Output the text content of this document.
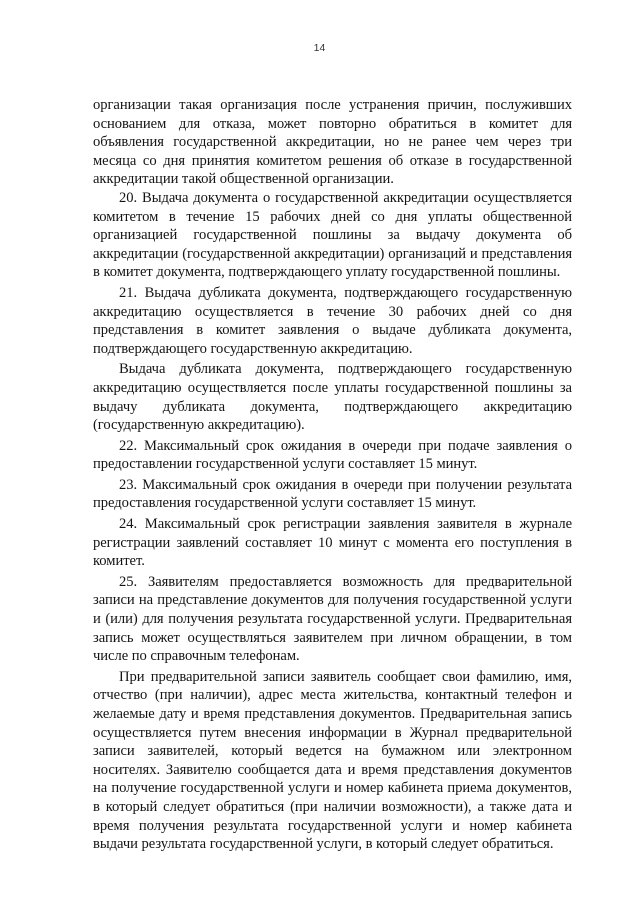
14

организации такая организация после устранения причин, послуживших основанием для отказа, может повторно обратиться в комитет для объявления государственной аккредитации, но не ранее чем через три месяца со дня принятия комитетом решения об отказе в государственной аккредитации такой общественной организации.

20. Выдача документа о государственной аккредитации осуществляется комитетом в течение 15 рабочих дней со дня уплаты общественной организацией государственной пошлины за выдачу документа об аккредитации (государственной аккредитации) организаций и представления в комитет документа, подтверждающего уплату государственной пошлины.

21. Выдача дубликата документа, подтверждающего государственную аккредитацию осуществляется в течение 30 рабочих дней со дня представления в комитет заявления о выдаче дубликата документа, подтверждающего государственную аккредитацию.

Выдача дубликата документа, подтверждающего государственную аккредитацию осуществляется после уплаты государственной пошлины за выдачу дубликата документа, подтверждающего аккредитацию (государственную аккредитацию).

22. Максимальный срок ожидания в очереди при подаче заявления о предоставлении государственной услуги составляет 15 минут.

23. Максимальный срок ожидания в очереди при получении результата предоставления государственной услуги составляет 15 минут.

24. Максимальный срок регистрации заявления заявителя в журнале регистрации заявлений составляет 10 минут с момента его поступления в комитет.

25. Заявителям предоставляется возможность для предварительной записи на представление документов для получения государственной услуги и (или) для получения результата государственной услуги. Предварительная запись может осуществляться заявителем при личном обращении, в том числе по справочным телефонам.

При предварительной записи заявитель сообщает свои фамилию, имя, отчество (при наличии), адрес места жительства, контактный телефон и желаемые дату и время представления документов. Предварительная запись осуществляется путем внесения информации в Журнал предварительной записи заявителей, который ведется на бумажном или электронном носителях. Заявителю сообщается дата и время представления документов на получение государственной услуги и номер кабинета приема документов, в который следует обратиться (при наличии возможности), а также дата и время получения результата государственной услуги и номер кабинета выдачи результата государственной услуги, в который следует обратиться.
